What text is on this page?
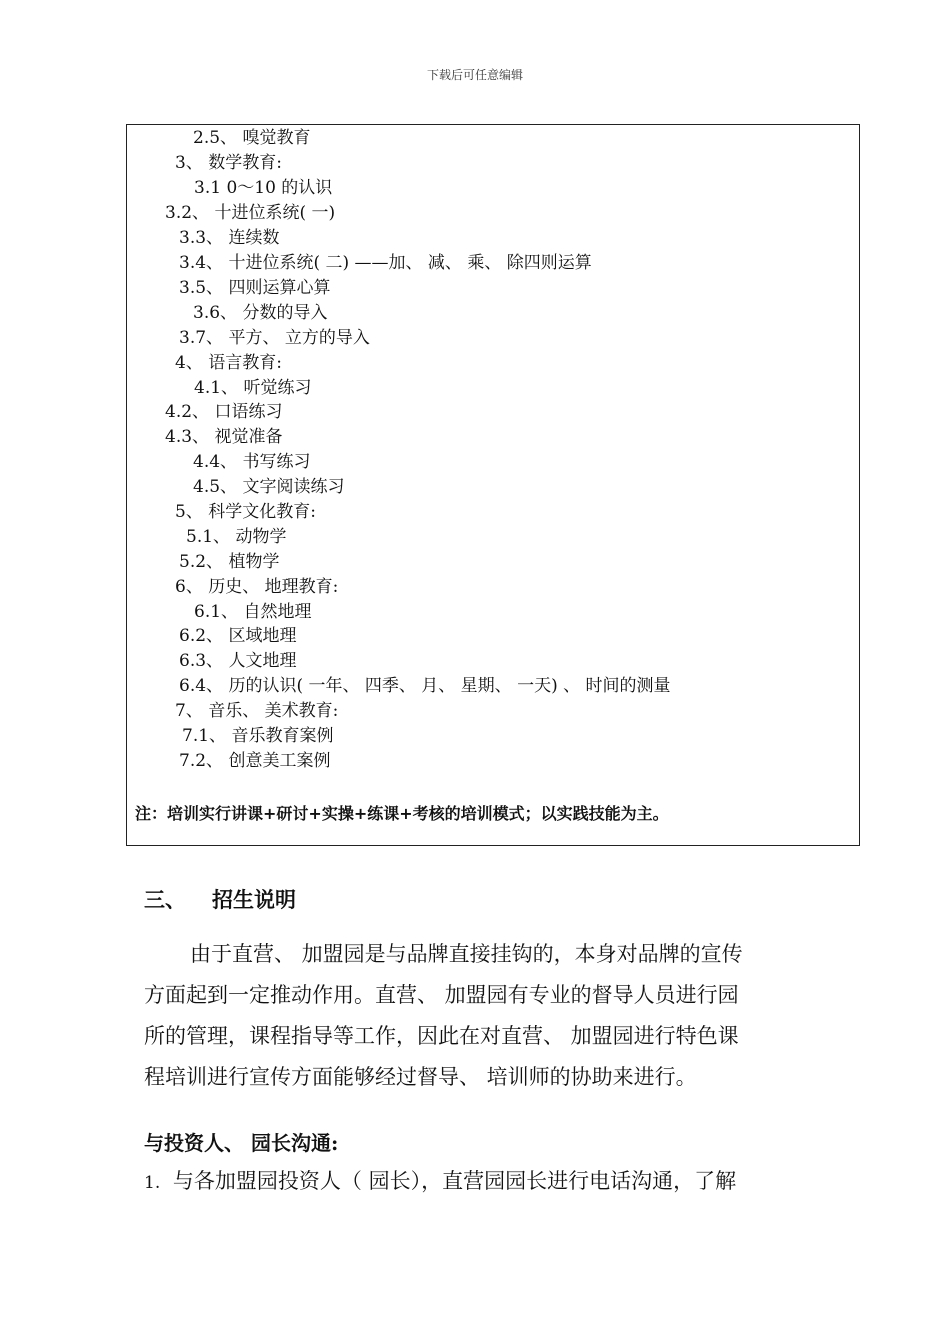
下载后可任意编辑
2.5、 嗅觉教育
3、 数学教育:
3.1 0～10 的认识
3.2、 十进位系统( 一)
3.3、 连续数
3.4、 十进位系统( 二) ——加、 减、 乘、 除四则运算
3.5、 四则运算心算
3.6、 分数的导入
3.7、 平方、 立方的导入
4、 语言教育:
4.1、 听觉练习
4.2、 口语练习
4.3、 视觉准备
4.4、 书写练习
4.5、 文字阅读练习
5、 科学文化教育:
5.1、 动物学
5.2、 植物学
6、 历史、 地理教育:
6.1、 自然地理
6.2、 区域地理
6.3、 人文地理
6.4、 历的认识( 一年、 四季、 月、 星期、 一天) 、 时间的测量
7、 音乐、 美术教育:
7.1、 音乐教育案例
7.2、 创意美工案例
注：培训实行讲课+研讨+实操+练课+考核的培训模式；以实践技能为主。
三、 招生说明
由于直营、 加盟园是与品牌直接挂钩的，本身对品牌的宣传
方面起到一定推动作用。直营、 加盟园有专业的督导人员进行园
所的管理，课程指导等工作，因此在对直营、 加盟园进行特色课
程培训进行宣传方面能够经过督导、 培训师的协助来进行。
与投资人、 园长沟通:
1. 与各加盟园投资人（ 园长），直营园园长进行电话沟通，了解
